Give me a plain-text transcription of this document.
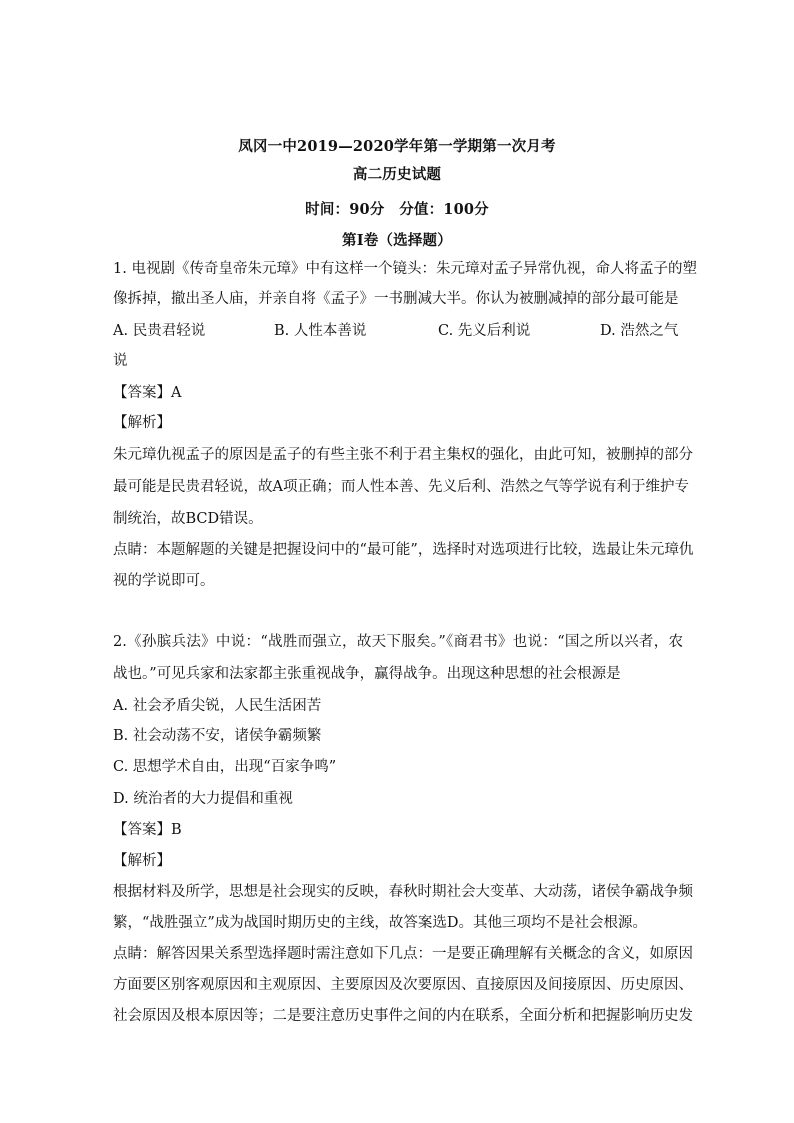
凤冈一中2019—2020学年第一学期第一次月考
高二历史试题
时间：90分　分值：100分
第Ⅰ卷（选择题）
1. 电视剧《传奇皇帝朱元璋》中有这样一个镜头：朱元璋对孟子异常仇视，命人将孟子的塑
像拆掉，撤出圣人庙，并亲自将《孟子》一书删减大半。你认为被删减掉的部分最可能是
A. 民贵君轻说	B. 人性本善说	C. 先义后利说	D. 浩然之气
说
【答案】A
【解析】
朱元璋仇视孟子的原因是孟子的有些主张不利于君主集权的强化，由此可知，被删掉的部分
最可能是民贵君轻说，故A项正确；而人性本善、先义后利、浩然之气等学说有利于维护专
制统治，故BCD错误。
点睛：本题解题的关键是把握设问中的“最可能”，选择时对选项进行比较，选最让朱元璋仇
视的学说即可。
2.《孙膑兵法》中说：“战胜而强立，故天下服矣。”《商君书》也说：“国之所以兴者，农
战也。”可见兵家和法家都主张重视战争，赢得战争。出现这种思想的社会根源是
A. 社会矛盾尖锐，人民生活困苦
B. 社会动荡不安，诸侯争霸频繁
C. 思想学术自由，出现“百家争鸣”
D. 统治者的大力提倡和重视
【答案】B
【解析】
根据材料及所学，思想是社会现实的反映，春秋时期社会大变革、大动荡，诸侯争霸战争频
繁，“战胜强立”成为战国时期历史的主线，故答案选D。其他三项均不是社会根源。
点睛：解答因果关系型选择题时需注意如下几点：一是要正确理解有关概念的含义，如原因
方面要区别客观原因和主观原因、主要原因及次要原因、直接原因及间接原因、历史原因、
社会原因及根本原因等；二是要注意历史事件之间的内在联系，全面分析和把握影响历史发
